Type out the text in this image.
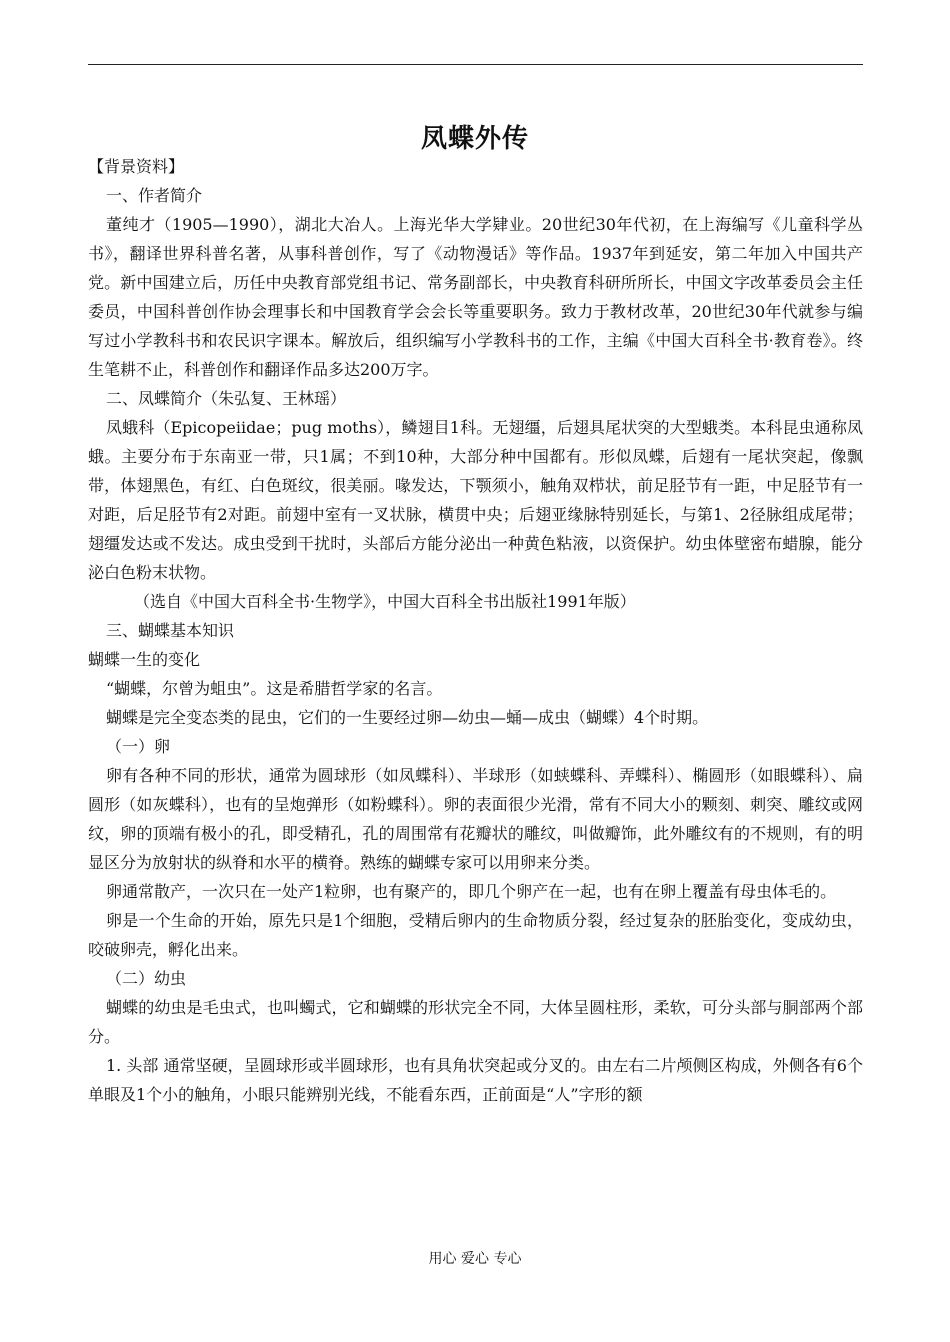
凤蝶外传

【背景资料】

一、作者简介

董纯才（1905—1990），湖北大冶人。上海光华大学肄业。20世纪30年代初，在上海编写《儿童科学丛书》，翻译世界科普名著，从事科普创作，写了《动物漫话》等作品。1937年到延安，第二年加入中国共产党。新中国建立后，历任中央教育部党组书记、常务副部长，中央教育科研所所长，中国文字改革委员会主任委员，中国科普创作协会理事长和中国教育学会会长等重要职务。致力于教材改革，20世纪30年代就参与编写过小学教科书和农民识字课本。解放后，组织编写小学教科书的工作，主编《中国大百科全书·教育卷》。终生笔耕不止，科普创作和翻译作品多达200万字。

二、凤蝶简介（朱弘复、王林瑶）

凤蛾科（Epicopeiidae；pug moths），鳞翅目1科。无翅缰，后翅具尾状突的大型蛾类。本科昆虫通称凤蛾。主要分布于东南亚一带，只1属；不到10种，大部分种中国都有。形似凤蝶，后翅有一尾状突起，像飘带，体翅黑色，有红、白色斑纹，很美丽。喙发达，下颚须小，触角双栉状，前足胫节有一距，中足胫节有一对距，后足胫节有2对距。前翅中室有一叉状脉，横贯中央；后翅亚缘脉特别延长，与第1、2径脉组成尾带；翅缰发达或不发达。成虫受到干扰时，头部后方能分泌出一种黄色粘液，以资保护。幼虫体壁密布蜡腺，能分泌白色粉末状物。

（选自《中国大百科全书·生物学》，中国大百科全书出版社1991年版）

三、蝴蝶基本知识

蝴蝶一生的变化

“蝴蝶，尔曾为蛆虫”。这是希腊哲学家的名言。

蝴蝶是完全变态类的昆虫，它们的一生要经过卵—幼虫—蛹—成虫（蝴蝶）4个时期。

（一）卵

卵有各种不同的形状，通常为圆球形（如凤蝶科）、半球形（如蛱蝶科、弄蝶科）、椭圆形（如眼蝶科）、扁圆形（如灰蝶科），也有的呈炮弹形（如粉蝶科）。卵的表面很少光滑，常有不同大小的颗刻、刺突、雕纹或网纹，卵的顶端有极小的孔，即受精孔，孔的周围常有花瓣状的雕纹，叫做瓣饰，此外雕纹有的不规则，有的明显区分为放射状的纵脊和水平的横脊。熟练的蝴蝶专家可以用卵来分类。

卵通常散产，一次只在一处产1粒卵，也有聚产的，即几个卵产在一起，也有在卵上覆盖有母虫体毛的。

卵是一个生命的开始，原先只是1个细胞，受精后卵内的生命物质分裂，经过复杂的胚胎变化，变成幼虫，咬破卵壳，孵化出来。

（二）幼虫

蝴蝶的幼虫是毛虫式，也叫蠋式，它和蝴蝶的形状完全不同，大体呈圆柱形，柔软，可分头部与胴部两个部分。

1. 头部 通常坚硬，呈圆球形或半圆球形，也有具角状突起或分叉的。由左右二片颅侧区构成，外侧各有6个单眼及1个小的触角，小眼只能辨别光线，不能看东西，正前面是“人”字形的额

用心 爱心 专心
